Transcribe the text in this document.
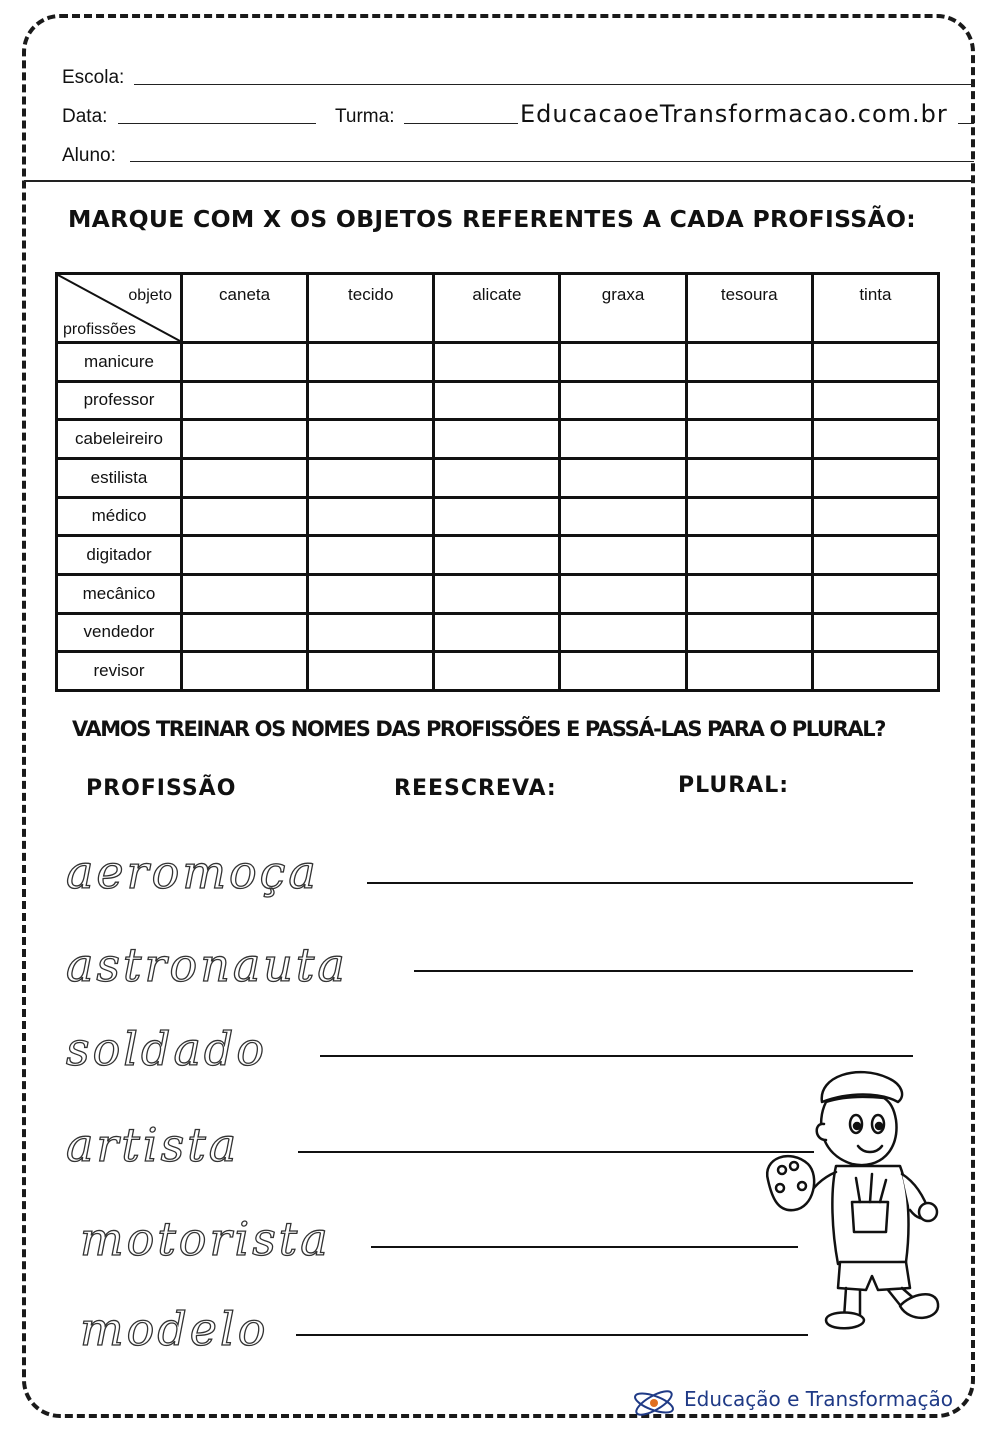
Escola:
Data:	Turma:	EducacaoeTransformacao.com.br
Aluno:
MARQUE COM X OS OBJETOS REFERENTES A CADA PROFISSÃO:
objeto
profissões	caneta	tecido	alicate	graxa	tesoura	tinta
manicure						
professor						
cabeleireiro						
estilista						
médico						
digitador						
mecânico						
vendedor						
revisor						
VAMOS TREINAR OS NOMES DAS PROFISSÕES E PASSÁ-LAS PARA O PLURAL?
PROFISSÃO	REESCREVA:	PLURAL:
aeromoça
astronauta
soldado
artista
motorista
modelo
Educação e Transformação
